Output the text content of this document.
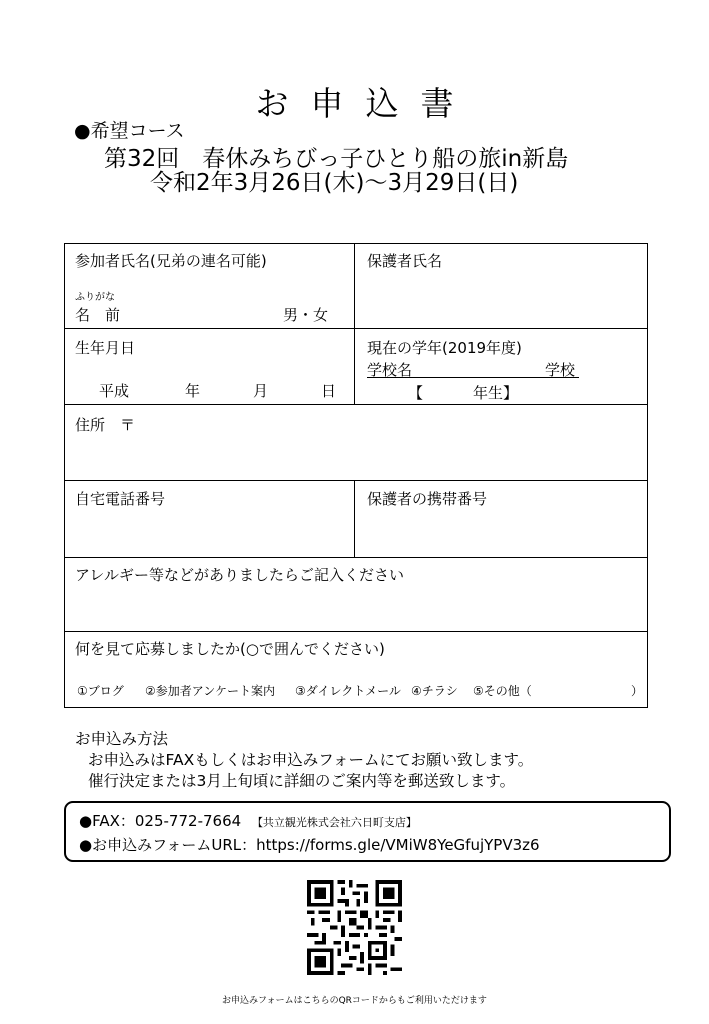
お申込書
●希望コース
第32回　春休みちびっ子ひとり船の旅in新島
令和2年3月26日(木)～3月29日(日)
参加者氏名(兄弟の連名可能)
ふりがな
名　前	男・女
保護者氏名
生年月日
平成	年	月	日
現在の学年(2019年度)
学校名	学校
【	年生】
住所　〒
自宅電話番号	保護者の携帯番号
アレルギー等などがありましたらご記入ください
何を見て応募しましたか(○で囲んでください)
①ブログ ②参加者アンケート案内 ③ダイレクトメール ④チラシ ⑤その他（	）
お申込み方法
お申込みはFAXもしくはお申込みフォームにてお願い致します。
催行決定または3月上旬頃に詳細のご案内等を郵送致します。
●FAX：025-772-7664 【共立観光株式会社六日町支店】
●お申込みフォームURL：https://forms.gle/VMiW8YeGfujYPV3z6
お申込みフォームはこちらのQRコードからもご利用いただけます
